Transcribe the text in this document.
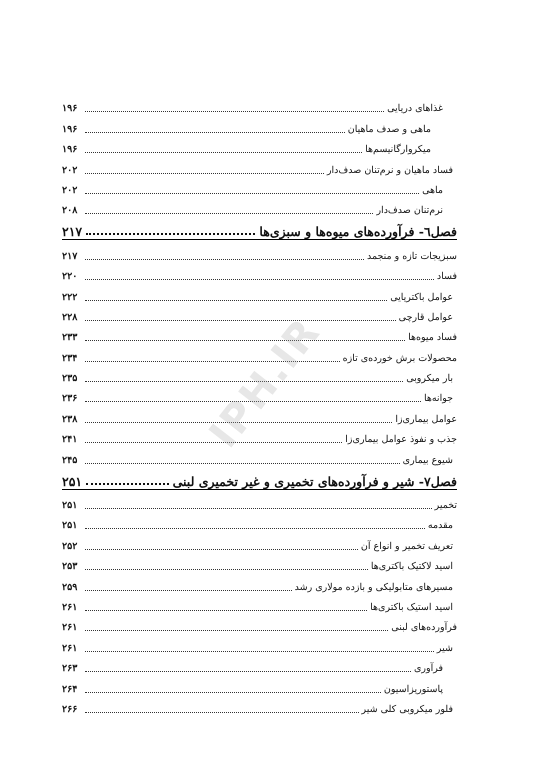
غذاهای دریایی
۱۹۶
ماهی و صدف ماهیان
۱۹۶
میکروارگانیسم‌ها
۱۹۶
فساد ماهیان و نرم‌تنان صدف‌دار
۲۰۲
ماهی
۲۰۲
نرم‌تنان صدف‌دار
۲۰۸
فصل٦- فرآورده‌های میوه‌ها و سبزی‌ها
۲۱۷
سبزیجات تازه و منجمد
۲۱۷
فساد
۲۲۰
عوامل باکتریایی
۲۲۲
عوامل قارچی
۲۲۸
فساد میوه‌ها
۲۳۳
محصولات برش خورده‌ی تازه
۲۳۴
بار میکروبی
۲۳۵
جوانه‌ها
۲۳۶
عوامل بیماری‌زا
۲۳۸
جذب و نفوذ عوامل بیماری‌زا
۲۴۱
شیوع بیماری
۲۴۵
فصل٧- شیر و فرآورده‌های تخمیری و غیر تخمیری لبنی
۲۵۱
تخمیر
۲۵۱
مقدمه
۲۵۱
تعریف تخمیر و انواع آن
۲۵۲
اسید لاکتیک باکتری‌ها
۲۵۳
مسیرهای متابولیکی و بازده مولاری رشد
۲۵۹
اسید استیک باکتری‌ها
۲۶۱
فرآورده‌های لبنی
۲۶۱
شیر
۲۶۱
فرآوری
۲۶۳
پاستوریزاسیون
۲۶۴
فلور میکروبی کلی شیر
۲۶۶
IPH.IR
